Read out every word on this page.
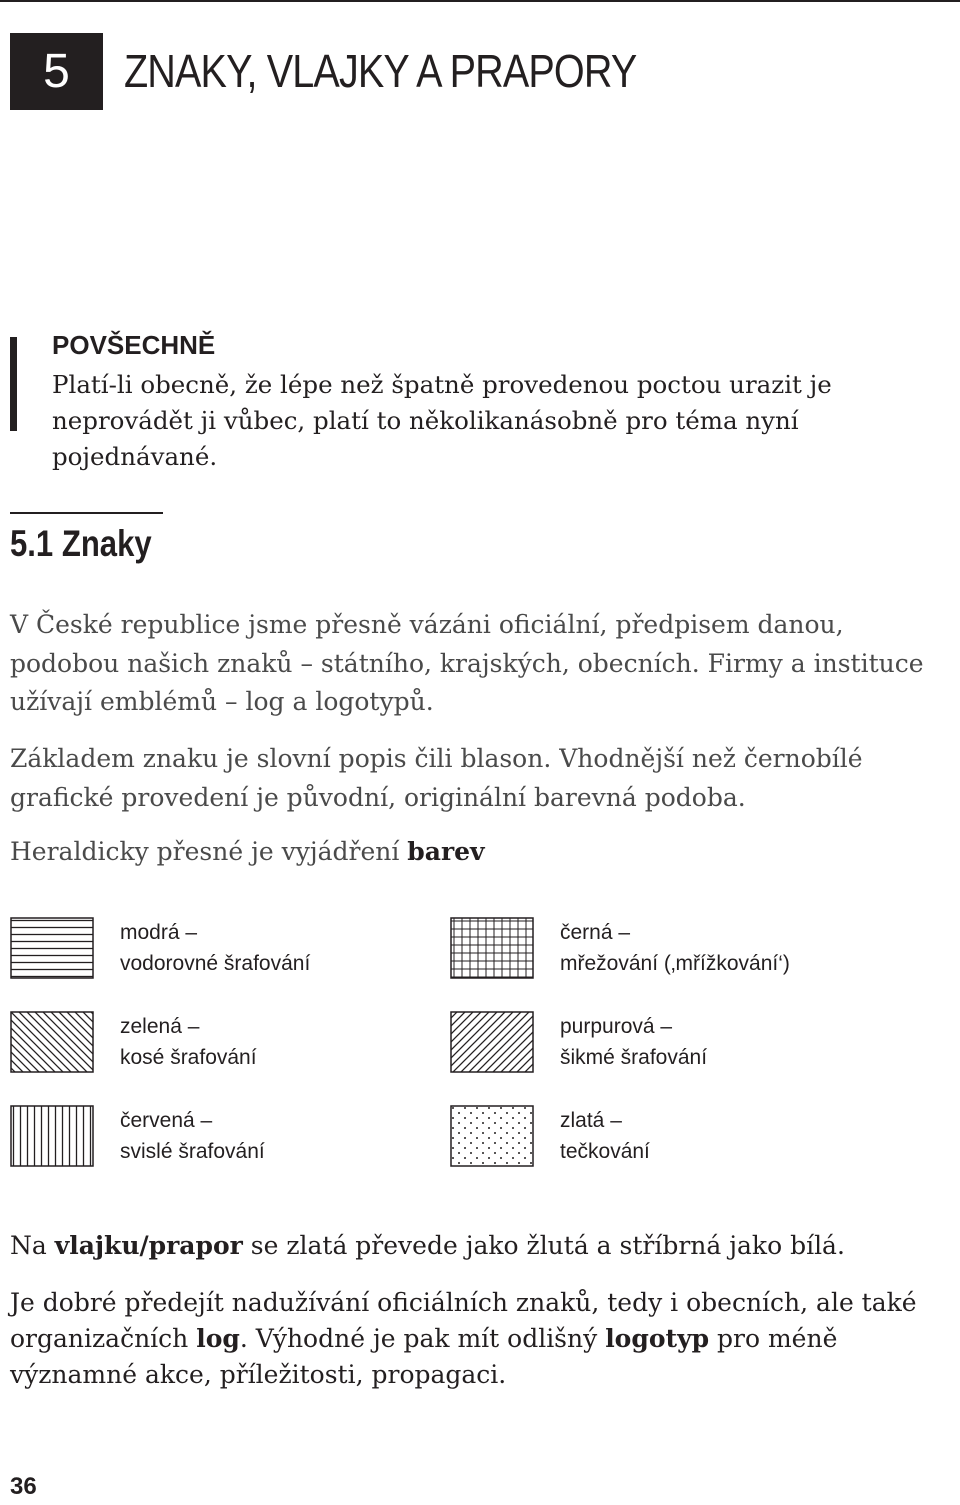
5	ZNAKY, VLAJKY A PRAPORY
POVŠECHNĚ
Platí-li obecně, že lépe než špatně provedenou poctou urazit je neprovádět ji vůbec, platí to několikanásobně pro téma nyní pojednávané.
5.1 Znaky
V České republice jsme přesně vázáni oficiální, předpisem danou, podobou našich znaků – státního, krajských, obecních. Firmy a instituce užívají emblémů – log a logotypů.
Základem znaku je slovní popis čili blason. Vhodnější než černobílé grafické provedení je původní, originální barevná podoba.
Heraldicky přesné je vyjádření barev
modrá –
vodorovné šrafování
černá –
mřežování (‚mřížkování‘)
zelená –
kosé šrafování
purpurová –
šikmé šrafování
červená –
svislé šrafování
zlatá –
tečkování
Na vlajku/prapor se zlatá převede jako žlutá a stříbrná jako bílá.
Je dobré předejít nadužívání oficiálních znaků, tedy i obecních, ale také organizačních log. Výhodné je pak mít odlišný logotyp pro méně významné akce, příležitosti, propagaci.
36
